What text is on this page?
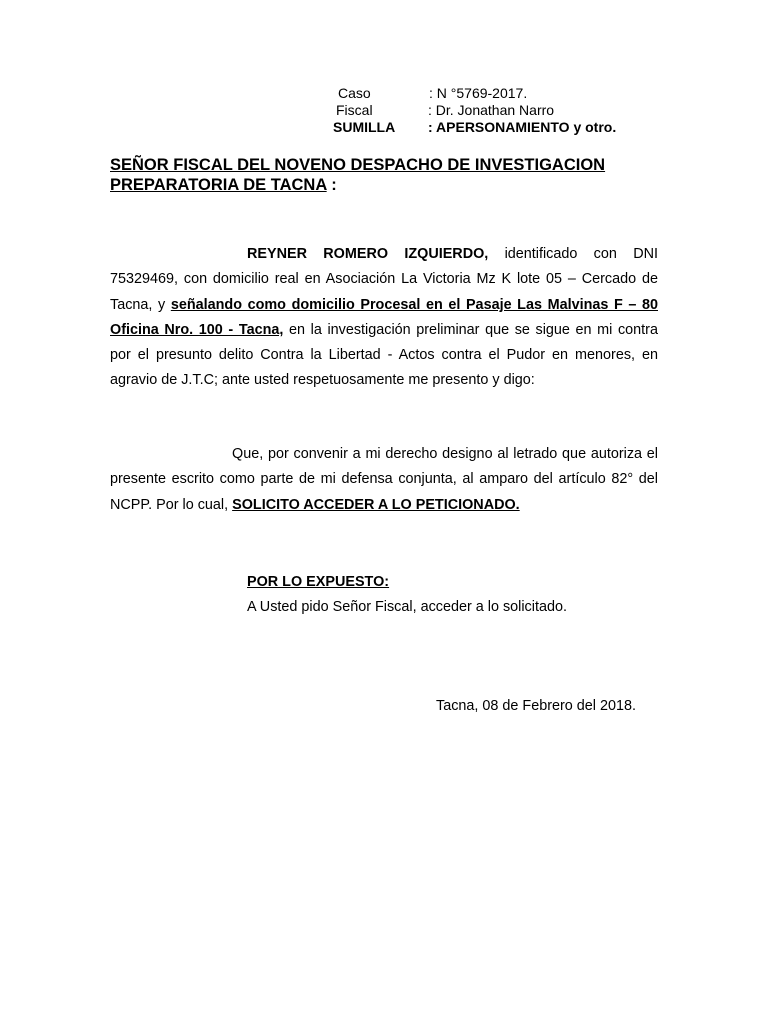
Caso	: N °5769-2017.
Fiscal	: Dr. Jonathan Narro
SUMILLA : APERSONAMIENTO y otro.
SEÑOR FISCAL DEL NOVENO DESPACHO DE INVESTIGACION
PREPARATORIA DE TACNA :
REYNER ROMERO IZQUIERDO, identificado con DNI 75329469, con domicilio real en Asociación La Victoria Mz K lote 05 – Cercado de Tacna, y señalando como domicilio Procesal en el Pasaje Las Malvinas F – 80 Oficina Nro. 100 - Tacna, en la investigación preliminar que se sigue en mi contra por el presunto delito Contra la Libertad - Actos contra el Pudor en menores, en agravio de J.T.C; ante usted respetuosamente me presento y digo:
Que, por convenir a mi derecho designo al letrado que autoriza el presente escrito como parte de mi defensa conjunta, al amparo del artículo 82° del NCPP. Por lo cual, SOLICITO ACCEDER A LO PETICIONADO.
POR LO EXPUESTO:
A Usted pido Señor Fiscal, acceder a lo solicitado.
Tacna, 08 de Febrero del 2018.
